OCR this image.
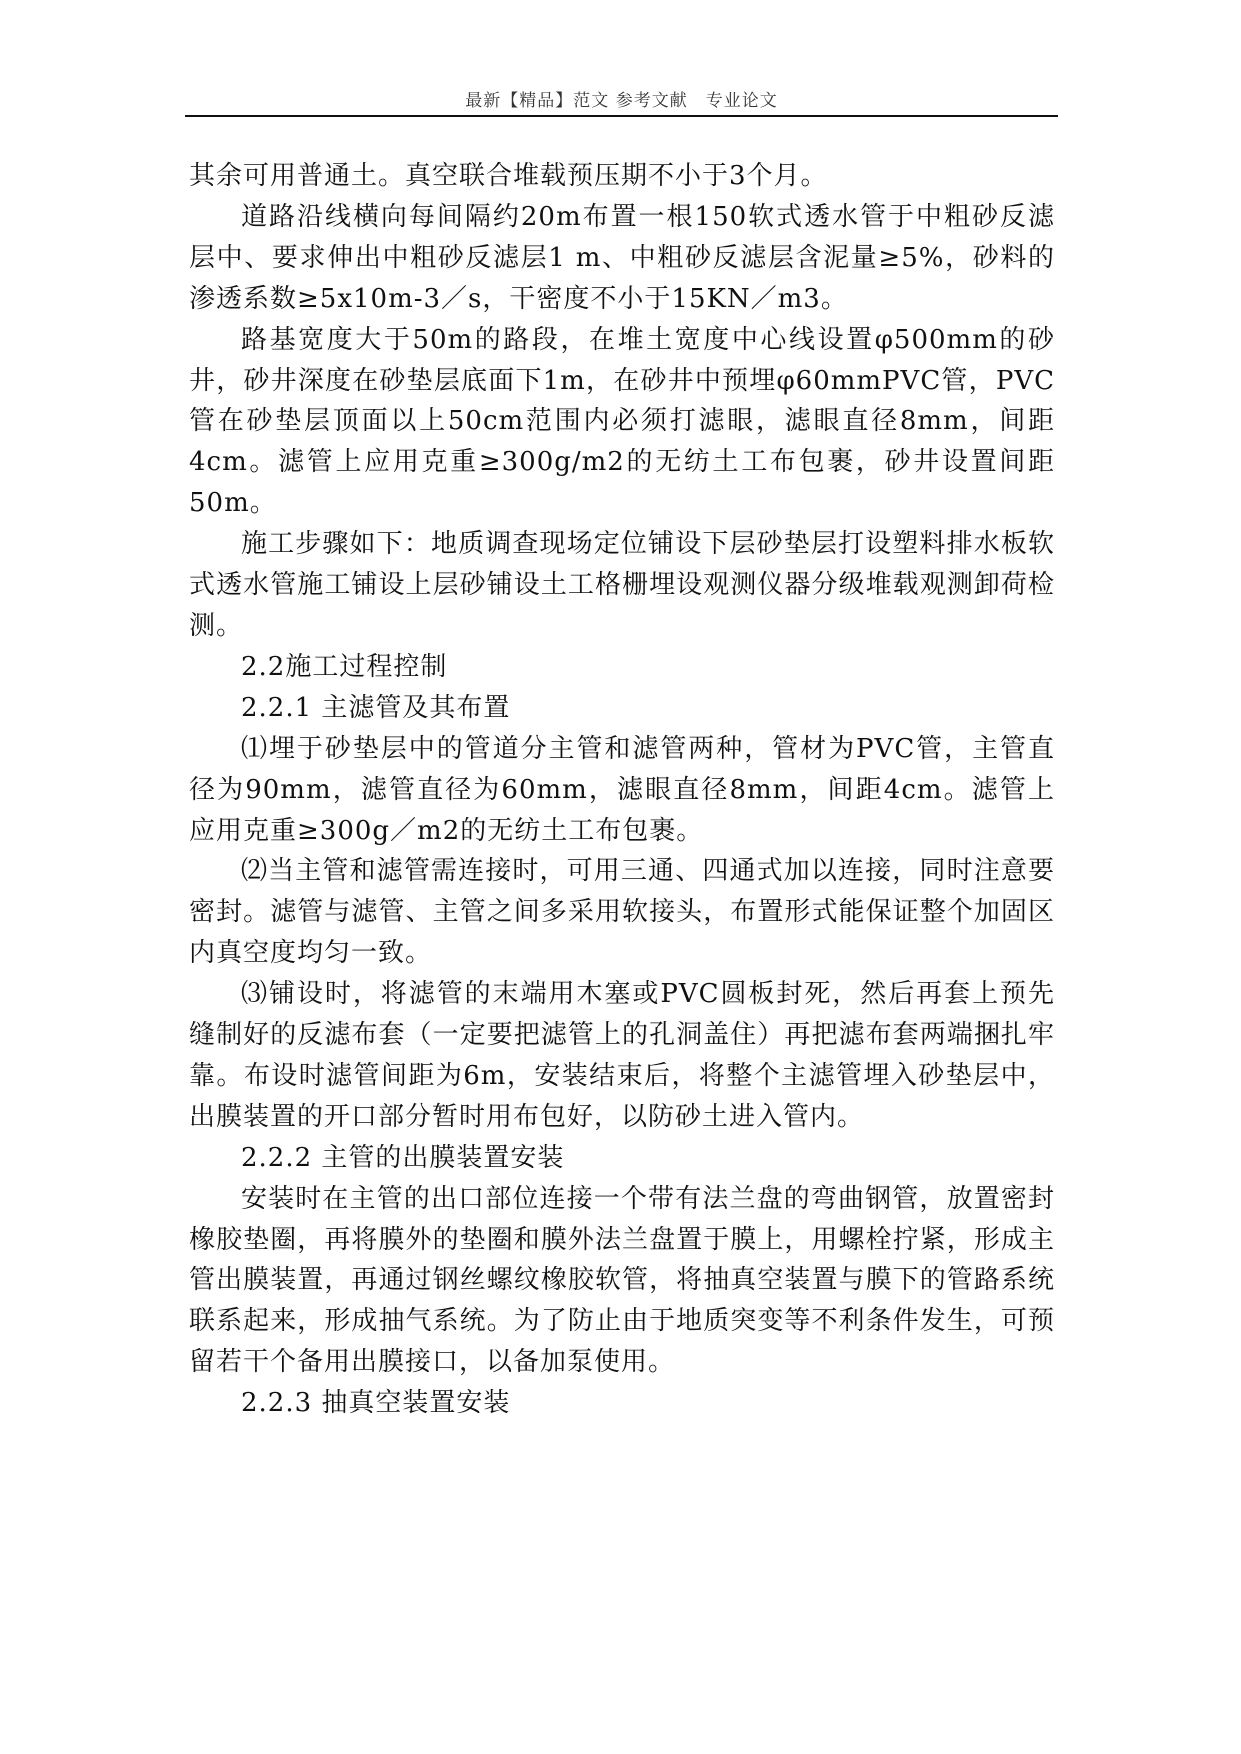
最新【精品】范文 参考文献　专业论文

其余可用普通土。真空联合堆载预压期不小于3个月。

道路沿线横向每间隔约20m布置一根150软式透水管于中粗砂反滤层中、要求伸出中粗砂反滤层1 m、中粗砂反滤层含泥量≥5%，砂料的渗透系数≥5x10m-3／s，干密度不小于15KN／m3。

路基宽度大于50m的路段，在堆土宽度中心线设置φ500mm的砂井，砂井深度在砂垫层底面下1m，在砂井中预埋φ60mmPVC管，PVC管在砂垫层顶面以上50cm范围内必须打滤眼，滤眼直径8mm，间距4cm。滤管上应用克重≥300g/m2的无纺土工布包裹，砂井设置间距50m。

施工步骤如下：地质调查现场定位铺设下层砂垫层打设塑料排水板软式透水管施工铺设上层砂铺设土工格栅埋设观测仪器分级堆载观测卸荷检测。

2.2施工过程控制

2.2.1 主滤管及其布置

⑴埋于砂垫层中的管道分主管和滤管两种，管材为PVC管，主管直径为90mm，滤管直径为60mm，滤眼直径8mm，间距4cm。滤管上应用克重≥300g／m2的无纺土工布包裹。

⑵当主管和滤管需连接时，可用三通、四通式加以连接，同时注意要密封。滤管与滤管、主管之间多采用软接头，布置形式能保证整个加固区内真空度均匀一致。

⑶铺设时，将滤管的末端用木塞或PVC圆板封死，然后再套上预先缝制好的反滤布套（一定要把滤管上的孔洞盖住）再把滤布套两端捆扎牢靠。布设时滤管间距为6m，安装结束后，将整个主滤管埋入砂垫层中，出膜装置的开口部分暂时用布包好，以防砂土进入管内。

2.2.2 主管的出膜装置安装

安装时在主管的出口部位连接一个带有法兰盘的弯曲钢管，放置密封橡胶垫圈，再将膜外的垫圈和膜外法兰盘置于膜上，用螺栓拧紧，形成主管出膜装置，再通过钢丝螺纹橡胶软管，将抽真空装置与膜下的管路系统联系起来，形成抽气系统。为了防止由于地质突变等不利条件发生，可预留若干个备用出膜接口，以备加泵使用。

2.2.3 抽真空装置安装
